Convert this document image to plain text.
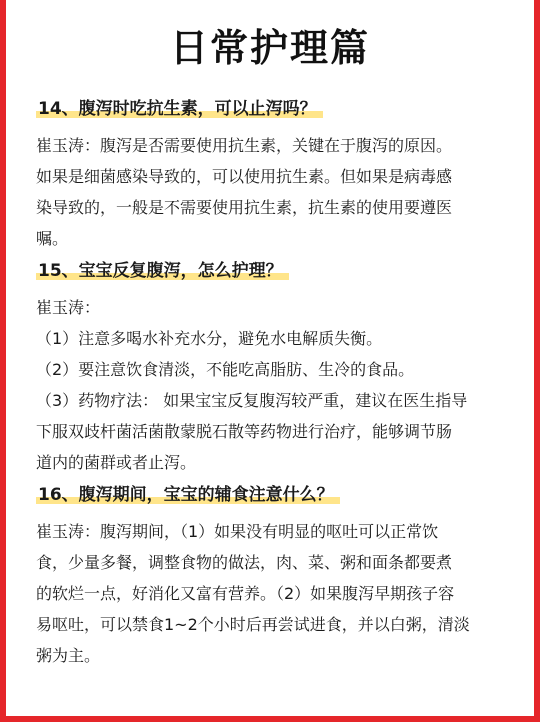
日常护理篇
14、腹泻时吃抗生素，可以止泻吗？

崔玉涛：腹泻是否需要使用抗生素，关键在于腹泻的原因。

如果是细菌感染导致的，可以使用抗生素。但如果是病毒感

染导致的，一般是不需要使用抗生素，抗生素的使用要遵医

嘱。

15、宝宝反复腹泻，怎么护理？

崔玉涛：

（1）注意多喝水补充水分，避免水电解质失衡。

（2）要注意饮食清淡，不能吃高脂肪、生冷的食品。

（3）药物疗法： 如果宝宝反复腹泻较严重，建议在医生指导

下服双歧杆菌活菌散蒙脱石散等药物进行治疗，能够调节肠

道内的菌群或者止泻。

16、腹泻期间，宝宝的辅食注意什么？

崔玉涛：腹泻期间，（1）如果没有明显的呕吐可以正常饮

食，少量多餐，调整食物的做法，肉、菜、粥和面条都要煮

的软烂一点，好消化又富有营养。（2）如果腹泻早期孩子容

易呕吐，可以禁食1~2个小时后再尝试进食，并以白粥，清淡

粥为主。
